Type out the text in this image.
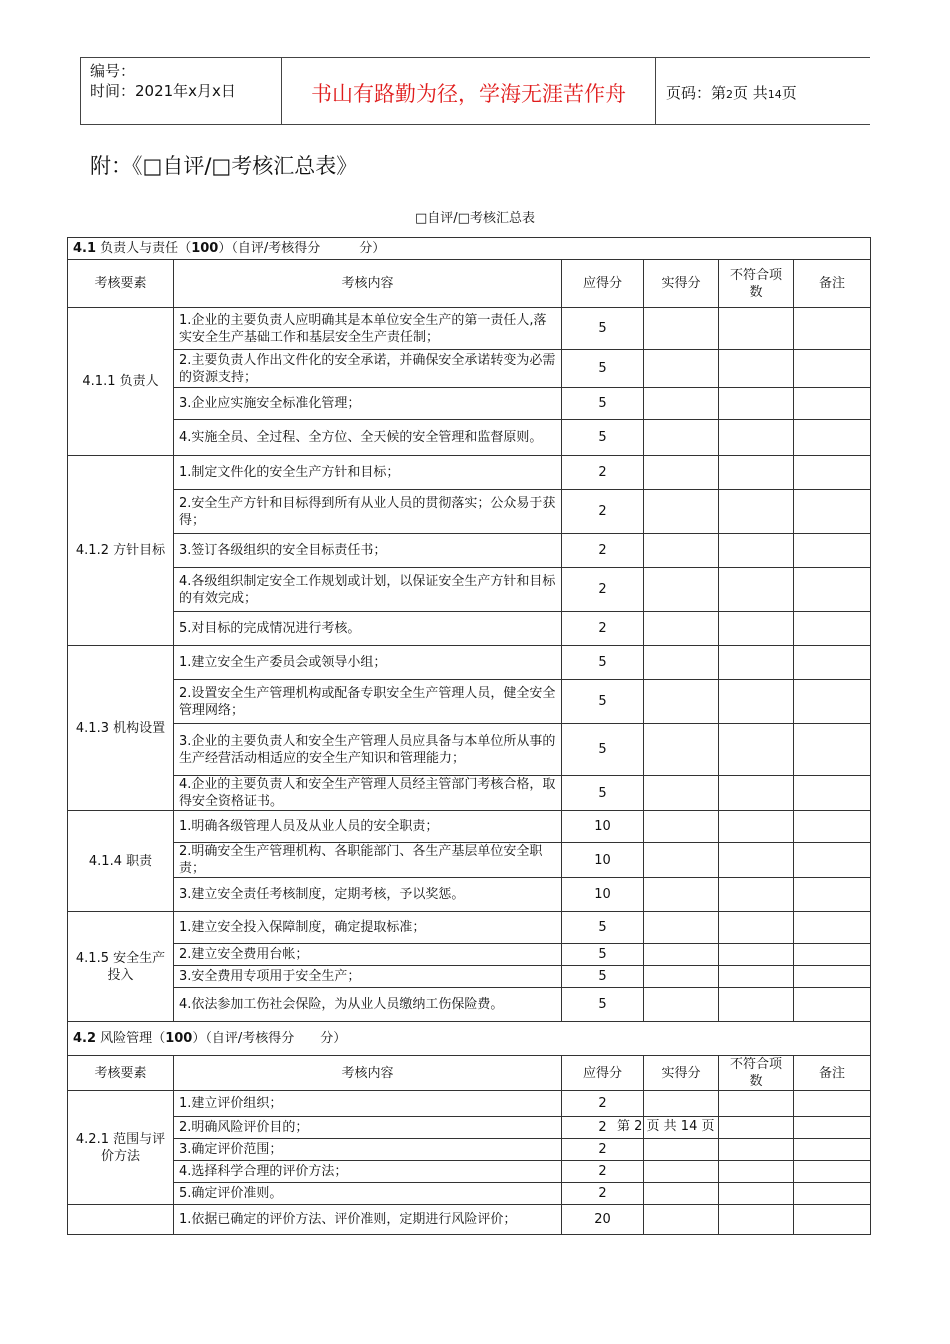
编号：
时间：2021年x月x日	书山有路勤为径，学海无涯苦作舟	页码：第2页 共14页
附：《□自评/□考核汇总表》
□自评/□考核汇总表
4.1 负责人与责任（100）（自评/考核得分　　　分）					
考核要素	考核内容	应得分	实得分	不符合项数	备注
4.1.1 负责人	1.企业的主要负责人应明确其是本单位安全生产的第一责任人,落实安全生产基础工作和基层安全生产责任制；	5			
	2.主要负责人作出文件化的安全承诺，并确保安全承诺转变为必需的资源支持；	5			
	3.企业应实施安全标准化管理；	5			
	4.实施全员、全过程、全方位、全天候的安全管理和监督原则。	5			
4.1.2 方针目标	1.制定文件化的安全生产方针和目标；	2			
	2.安全生产方针和目标得到所有从业人员的贯彻落实；公众易于获得；	2			
	3.签订各级组织的安全目标责任书；	2			
	4.各级组织制定安全工作规划或计划，以保证安全生产方针和目标的有效完成；	2			
	5.对目标的完成情况进行考核。	2			
4.1.3 机构设置	1.建立安全生产委员会或领导小组；	5			
	2.设置安全生产管理机构或配备专职安全生产管理人员，健全安全管理网络；	5			
	3.企业的主要负责人和安全生产管理人员应具备与本单位所从事的生产经营活动相适应的安全生产知识和管理能力；	5			
	4.企业的主要负责人和安全生产管理人员经主管部门考核合格，取得安全资格证书。	5			
4.1.4 职责	1.明确各级管理人员及从业人员的安全职责；	10			
	2.明确安全生产管理机构、各职能部门、各生产基层单位安全职责；	10			
	3.建立安全责任考核制度，定期考核，予以奖惩。	10			
4.1.5 安全生产投入	1.建立安全投入保障制度，确定提取标准；	5			
	2.建立安全费用台帐；	5			
	3.安全费用专项用于安全生产；	5			
	4.依法参加工伤社会保险，为从业人员缴纳工伤保险费。	5			
4.2 风险管理（100）（自评/考核得分　　分）					
考核要素	考核内容	应得分	实得分	不符合项数	备注
4.2.1 范围与评价方法	1.建立评价组织；	2			
	2.明确风险评价目的；	2			
	3.确定评价范围；	2			
	4.选择科学合理的评价方法；	2			
	5.确定评价准则。	2			
	1.依据已确定的评价方法、评价准则，定期进行风险评价；	20			
第 2 页 共 14 页
